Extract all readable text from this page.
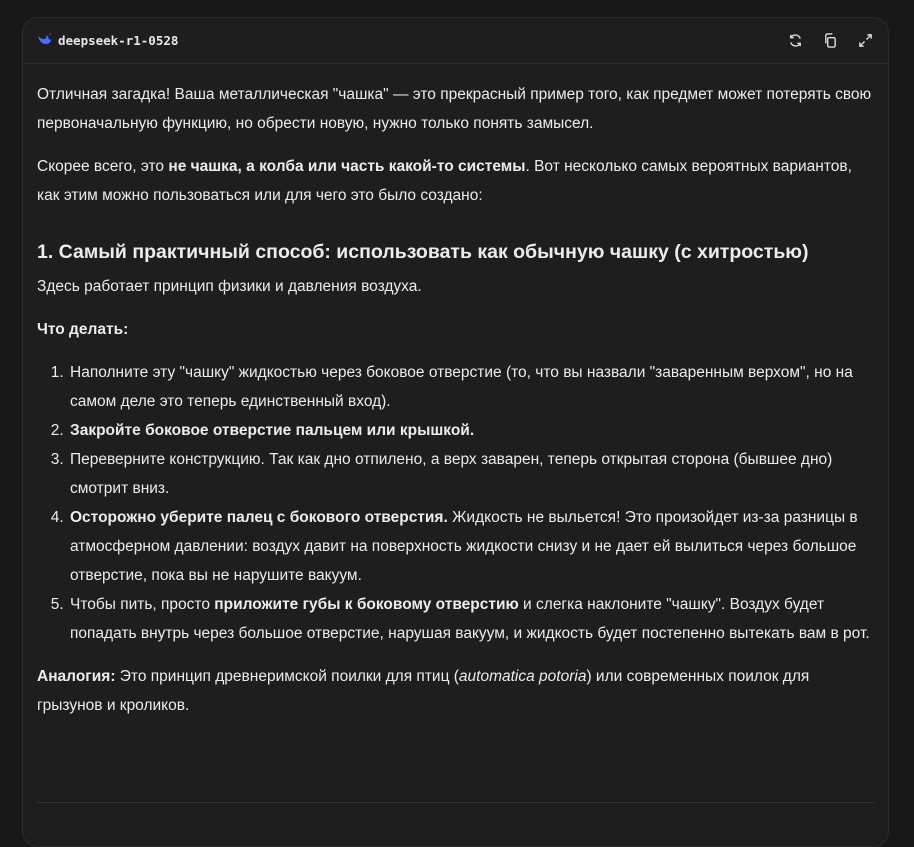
deepseek-r1-0528

Отличная загадка! Ваша металлическая "чашка" — это прекрасный пример того, как предмет может потерять свою первоначальную функцию, но обрести новую, нужно только понять замысел.

Скорее всего, это не чашка, а колба или часть какой-то системы. Вот несколько самых вероятных вариантов, как этим можно пользоваться или для чего это было создано:

1. Самый практичный способ: использовать как обычную чашку (с хитростью)

Здесь работает принцип физики и давления воздуха.

Что делать:

1. Наполните эту "чашку" жидкостью через боковое отверстие (то, что вы назвали "заваренным верхом", но на самом деле это теперь единственный вход).
2. Закройте боковое отверстие пальцем или крышкой.
3. Переверните конструкцию. Так как дно отпилено, а верх заварен, теперь открытая сторона (бывшее дно) смотрит вниз.
4. Осторожно уберите палец с бокового отверстия. Жидкость не выльется! Это произойдет из-за разницы в атмосферном давлении: воздух давит на поверхность жидкости снизу и не дает ей вылиться через большое отверстие, пока вы не нарушите вакуум.
5. Чтобы пить, просто приложите губы к боковому отверстию и слегка наклоните "чашку". Воздух будет попадать внутрь через большое отверстие, нарушая вакуум, и жидкость будет постепенно вытекать вам в рот.

Аналогия: Это принцип древнеримской поилки для птиц (automatica potoria) или современных поилок для грызунов и кроликов.
